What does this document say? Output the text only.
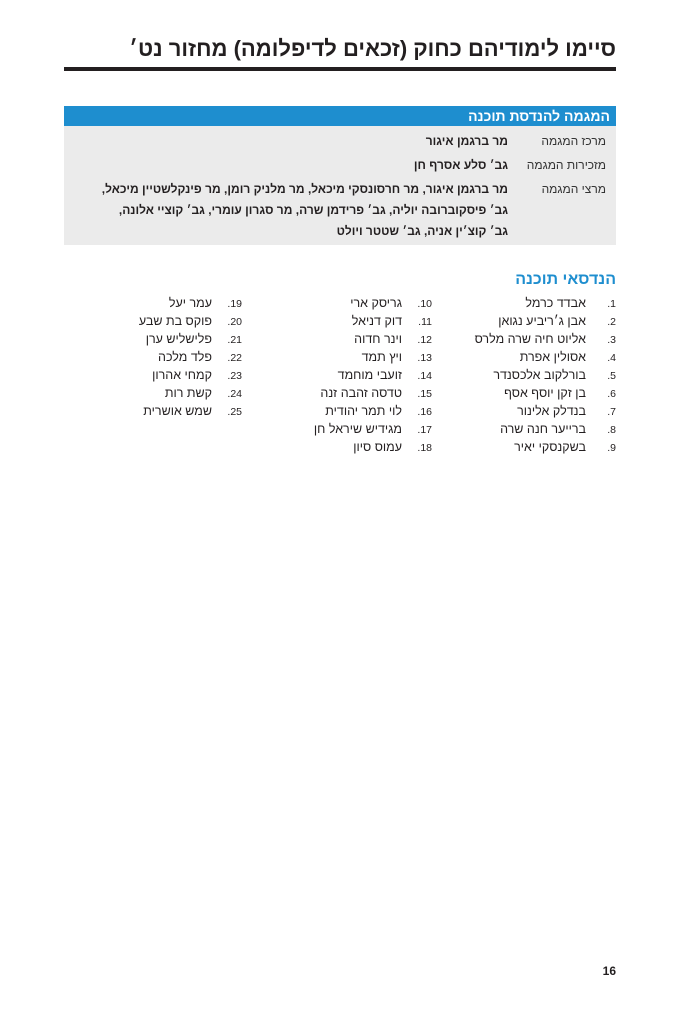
סיימו לימודיהם כחוק (זכאים לדיפלומה) מחזור נט׳
המגמה להנדסת תוכנה
מרכז המגמה
מר ברגמן איגור
מזכירות המגמה
גב׳ סלע אסרף חן
מרצי המגמה
מר ברגמן איגור, מר חרסונסקי מיכאל, מר מלניק רומן, מר פינקלשטיין מיכאל,
גב׳ פיסקוברובה יוליה, גב׳ פרידמן שרה, מר סגרון עומרי, גב׳ קוציי אלונה,
גב׳ קוצ׳ין אניה, גב׳ שטטר ויולט
הנדסאי תוכנה
1.אבדד כרמל
2.אבן ג׳ריביע נגואן
3.אליוט חיה שרה מלרס
4.אסולין אפרת
5.בורלקוב אלכסנדר
6.בן זקן יוסף אסף
7.בנדלק אלינור
8.ברייער חנה שרה
9.בשקנסקי יאיר
10.גריסק ארי
11.דוק דניאל
12.וינר חדוה
13.ויץ תמד
14.זועבי מוחמד
15.טדסה זהבה זנה
16.לוי תמר יהודית
17.מגידיש שיראל חן
18.עמוס סיון
19.עמר יעל
20.פוקס בת שבע
21.פלישליש ערן
22.פלד מלכה
23.קמחי אהרון
24.קשת רות
25.שמש אושרית
16
